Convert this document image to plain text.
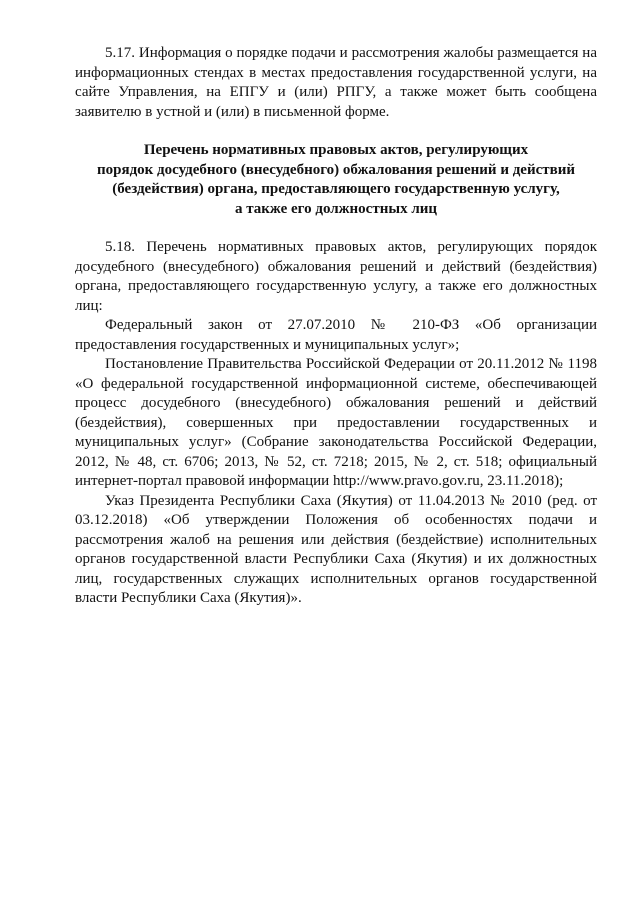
5.17. Информация о порядке подачи и рассмотрения жалобы размещается на информационных стендах в местах предоставления государственной услуги, на сайте Управления, на ЕПГУ и (или) РПГУ, а также может быть сообщена заявителю в устной и (или) в письменной форме.

Перечень нормативных правовых актов, регулирующих
порядок досудебного (внесудебного) обжалования решений и действий
(бездействия) органа, предоставляющего государственную услугу,
а также его должностных лиц

5.18. Перечень нормативных правовых актов, регулирующих порядок досудебного (внесудебного) обжалования решений и действий (бездействия) органа, предоставляющего государственную услугу, а также его должностных лиц:

Федеральный закон от 27.07.2010 № 210-ФЗ «Об организации предоставления государственных и муниципальных услуг»;

Постановление Правительства Российской Федерации от 20.11.2012 № 1198 «О федеральной государственной информационной системе, обеспечивающей процесс досудебного (внесудебного) обжалования решений и действий (бездействия), совершенных при предоставлении государственных и муниципальных услуг» (Собрание законодательства Российской Федерации, 2012, № 48, ст. 6706; 2013, № 52, ст. 7218; 2015, № 2, ст. 518; официальный интернет-портал правовой информации http://www.pravo.gov.ru, 23.11.2018);

Указ Президента Республики Саха (Якутия) от 11.04.2013 № 2010 (ред. от 03.12.2018) «Об утверждении Положения об особенностях подачи и рассмотрения жалоб на решения или действия (бездействие) исполнительных органов государственной власти Республики Саха (Якутия) и их должностных лиц, государственных служащих исполнительных органов государственной власти Республики Саха (Якутия)».
